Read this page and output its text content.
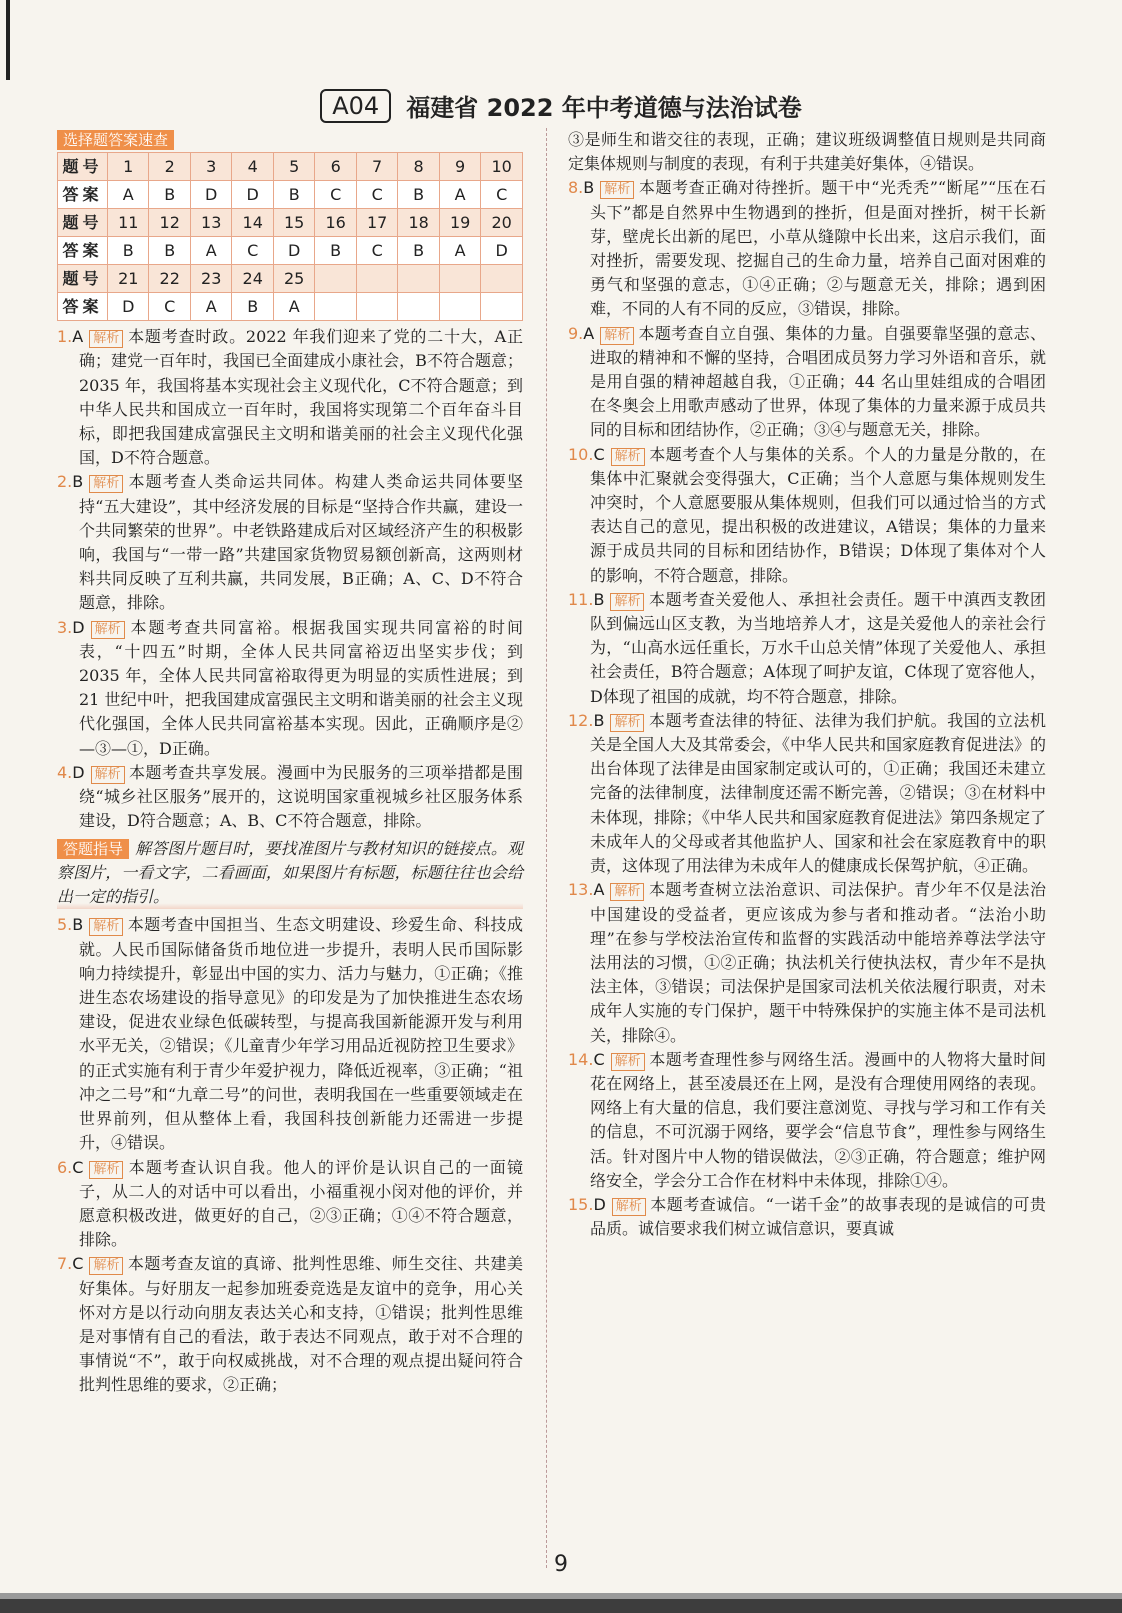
A04 福建省 2022 年中考道德与法治试卷
选择题答案速查
题号	1	2	3	4	5	6	7	8	9	10
答案	A	B	D	D	B	C	C	B	A	C
题号	11	12	13	14	15	16	17	18	19	20
答案	B	B	A	C	D	B	C	B	A	D
题号	21	22	23	24	25					
答案	D	C	A	B	A					

1.A 解析 本题考查时政。2022 年我们迎来了党的二十大，A正确；建党一百年时，我国已全面建成小康社会，B不符合题意；2035 年，我国将基本实现社会主义现代化，C不符合题意；到中华人民共和国成立一百年时，我国将实现第二个百年奋斗目标，即把我国建成富强民主文明和谐美丽的社会主义现代化强国，D不符合题意。

2.B 解析 本题考查人类命运共同体。构建人类命运共同体要坚持“五大建设”，其中经济发展的目标是“坚持合作共赢，建设一个共同繁荣的世界”。中老铁路建成后对区域经济产生的积极影响，我国与“一带一路”共建国家货物贸易额创新高，这两则材料共同反映了互利共赢，共同发展，B正确；A、C、D不符合题意，排除。

3.D 解析 本题考查共同富裕。根据我国实现共同富裕的时间表，“十四五”时期，全体人民共同富裕迈出坚实步伐；到 2035 年，全体人民共同富裕取得更为明显的实质性进展；到 21 世纪中叶，把我国建成富强民主文明和谐美丽的社会主义现代化强国，全体人民共同富裕基本实现。因此，正确顺序是②—③—①，D正确。

4.D 解析 本题考查共享发展。漫画中为民服务的三项举措都是围绕“城乡社区服务”展开的，这说明国家重视城乡社区服务体系建设，D符合题意；A、B、C不符合题意，排除。

答题指导 解答图片题目时，要找准图片与教材知识的链接点。观察图片，一看文字，二看画面，如果图片有标题，标题往往也会给出一定的指引。

5.B 解析 本题考查中国担当、生态文明建设、珍爱生命、科技成就。人民币国际储备货币地位进一步提升，表明人民币国际影响力持续提升，彰显出中国的实力、活力与魅力，①正确；《推进生态农场建设的指导意见》的印发是为了加快推进生态农场建设，促进农业绿色低碳转型，与提高我国新能源开发与利用水平无关，②错误；《儿童青少年学习用品近视防控卫生要求》的正式实施有利于青少年爱护视力，降低近视率，③正确；“祖冲之二号”和“九章二号”的问世，表明我国在一些重要领域走在世界前列，但从整体上看，我国科技创新能力还需进一步提升，④错误。

6.C 解析 本题考查认识自我。他人的评价是认识自己的一面镜子，从二人的对话中可以看出，小福重视小闵对他的评价，并愿意积极改进，做更好的自己，②③正确；①④不符合题意，排除。

7.C 解析 本题考查友谊的真谛、批判性思维、师生交往、共建美好集体。与好朋友一起参加班委竞选是友谊中的竞争，用心关怀对方是以行动向朋友表达关心和支持，①错误；批判性思维是对事情有自己的看法，敢于表达不同观点，敢于对不合理的事情说“不”，敢于向权威挑战，对不合理的观点提出疑问符合批判性思维的要求，②正确；

③是师生和谐交往的表现，正确；建议班级调整值日规则是共同商定集体规则与制度的表现，有利于共建美好集体，④错误。

8.B 解析 本题考查正确对待挫折。题干中“光秃秃”“断尾”“压在石头下”都是自然界中生物遇到的挫折，但是面对挫折，树干长新芽，壁虎长出新的尾巴，小草从缝隙中长出来，这启示我们，面对挫折，需要发现、挖掘自己的生命力量，培养自己面对困难的勇气和坚强的意志，①④正确；②与题意无关，排除；遇到困难，不同的人有不同的反应，③错误，排除。

9.A 解析 本题考查自立自强、集体的力量。自强要靠坚强的意志、进取的精神和不懈的坚持，合唱团成员努力学习外语和音乐，就是用自强的精神超越自我，①正确；44 名山里娃组成的合唱团在冬奥会上用歌声感动了世界，体现了集体的力量来源于成员共同的目标和团结协作，②正确；③④与题意无关，排除。

10.C 解析 本题考查个人与集体的关系。个人的力量是分散的，在集体中汇聚就会变得强大，C正确；当个人意愿与集体规则发生冲突时，个人意愿要服从集体规则，但我们可以通过恰当的方式表达自己的意见，提出积极的改进建议，A错误；集体的力量来源于成员共同的目标和团结协作，B错误；D体现了集体对个人的影响，不符合题意，排除。

11.B 解析 本题考查关爱他人、承担社会责任。题干中滇西支教团队到偏远山区支教，为当地培养人才，这是关爱他人的亲社会行为，“山高水远任重长，万水千山总关情”体现了关爱他人、承担社会责任，B符合题意；A体现了呵护友谊，C体现了宽容他人，D体现了祖国的成就，均不符合题意，排除。

12.B 解析 本题考查法律的特征、法律为我们护航。我国的立法机关是全国人大及其常委会，《中华人民共和国家庭教育促进法》的出台体现了法律是由国家制定或认可的，①正确；我国还未建立完备的法律制度，法律制度还需不断完善，②错误；③在材料中未体现，排除；《中华人民共和国家庭教育促进法》第四条规定了未成年人的父母或者其他监护人、国家和社会在家庭教育中的职责，这体现了用法律为未成年人的健康成长保驾护航，④正确。

13.A 解析 本题考查树立法治意识、司法保护。青少年不仅是法治中国建设的受益者，更应该成为参与者和推动者。“法治小助理”在参与学校法治宣传和监督的实践活动中能培养尊法学法守法用法的习惯，①②正确；执法机关行使执法权，青少年不是执法主体，③错误；司法保护是国家司法机关依法履行职责，对未成年人实施的专门保护，题干中特殊保护的实施主体不是司法机关，排除④。

14.C 解析 本题考查理性参与网络生活。漫画中的人物将大量时间花在网络上，甚至凌晨还在上网，是没有合理使用网络的表现。网络上有大量的信息，我们要注意浏览、寻找与学习和工作有关的信息，不可沉溺于网络，要学会“信息节食”，理性参与网络生活。针对图片中人物的错误做法，②③正确，符合题意；维护网络安全，学会分工合作在材料中未体现，排除①④。

15.D 解析 本题考查诚信。“一诺千金”的故事表现的是诚信的可贵品质。诚信要求我们树立诚信意识，要真诚

9
